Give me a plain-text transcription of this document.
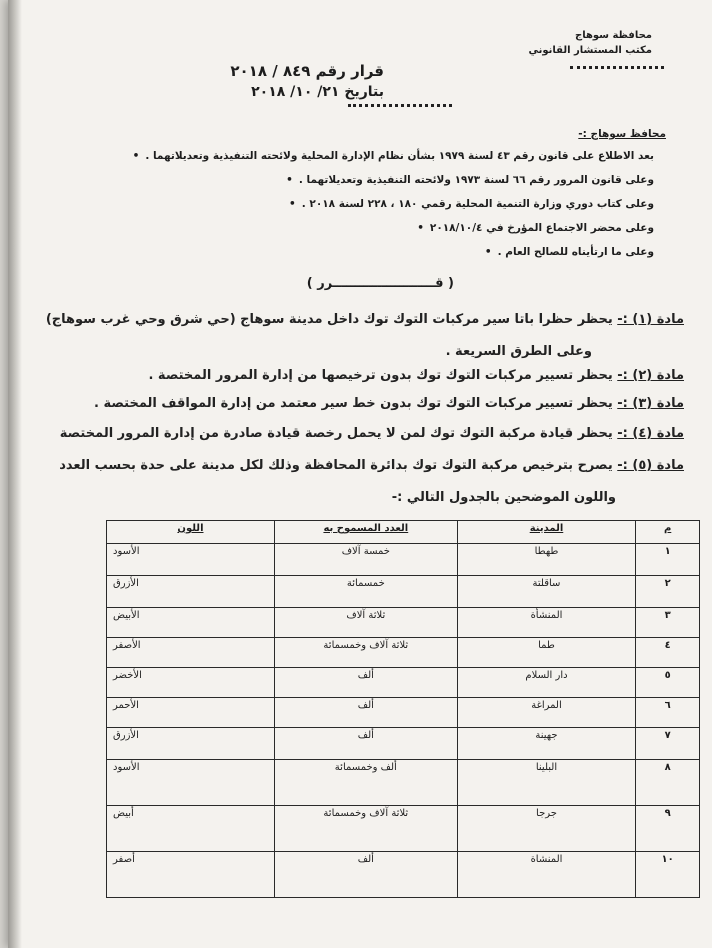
محافظة سوهاج
مكتب المستشار القانوني
قرار رقم ٨٤٩ / ٢٠١٨
بتاريخ ٢١/ ١٠/ ٢٠١٨
محافظ سوهاج :-
بعد الاطلاع على قانون رقم ٤٣ لسنة ١٩٧٩ بشأن نظام الإدارة المحلية ولائحته التنفيذية وتعديلاتهما . •
وعلى قانون المرور رقم ٦٦ لسنة ١٩٧٣ ولائحته التنفيذية وتعديلاتهما . •
وعلى كتاب دوري وزارة التنمية المحلية رقمي ١٨٠ ، ٢٢٨ لسنة ٢٠١٨ . •
وعلى محضر الاجتماع المؤرخ في ٢٠١٨/١٠/٤ •
وعلى ما ارتأيناه للصالح العام . •
( قـــــــــــــــــــــــرر )
مادة (١) :- يحظر حظرا باتا سير مركبات التوك توك داخل مدينة سوهاج (حي شرق وحي غرب سوهاج)
وعلى الطرق السريعة .
مادة (٢) :- يحظر تسيير مركبات التوك توك بدون ترخيصها من إدارة المرور المختصة .
مادة (٣) :- يحظر تسيير مركبات التوك توك بدون خط سير معتمد من إدارة المواقف المختصة .
مادة (٤) :- يحظر قيادة مركبة التوك توك لمن لا يحمل رخصة قيادة صادرة من إدارة المرور المختصة
مادة (٥) :- يصرح بترخيص مركبة التوك توك بدائرة المحافظة وذلك لكل مدينة على حدة بحسب العدد
واللون الموضحين بالجدول التالي :-
م	المدينة	العدد المسموح به	اللون
١	طهطا	خمسة آلاف	الأسود
٢	ساقلتة	خمسمائة	الأزرق
٣	المنشأة	ثلاثة آلاف	الأبيض
٤	طما	ثلاثة آلاف وخمسمائة	الأصفر
٥	دار السلام	ألف	الأخضر
٦	المراغة	ألف	الأحمر
٧	جهينة	ألف	الأزرق
٨	البلينا	ألف وخمسمائة	الأسود
٩	جرجا	ثلاثة آلاف وخمسمائة	أبيض
١٠	المنشاة	ألف	أصفر
